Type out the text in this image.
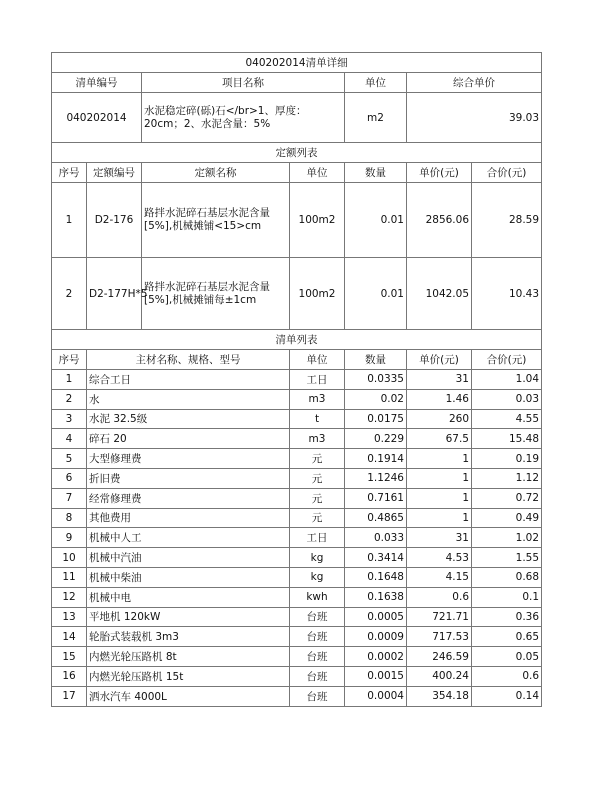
040202014清单详细						
清单编号		项目名称		单位	综合单价	
040202014		水泥稳定碎(砾)石</br>1、厚度：20cm；2、水泥含量：5%		m2	39.03	
定额列表						
序号	定额编号	定额名称	单位	数量	单价(元)	合价(元)
1	D2-176	路拌水泥碎石基层水泥含量[5%],机械摊铺<15>cm	100m2	0.01	2856.06	28.59
2	D2-177H*5	路拌水泥碎石基层水泥含量[5%],机械摊铺每±1cm	100m2	0.01	1042.05	10.43
清单列表						
序号	主材名称、规格、型号		单位	数量	单价(元)	合价(元)
1	综合工日		工日	0.0335	31	1.04
2	水		m3	0.02	1.46	0.03
3	水泥 32.5级		t	0.0175	260	4.55
4	碎石 20		m3	0.229	67.5	15.48
5	大型修理费		元	0.1914	1	0.19
6	折旧费		元	1.1246	1	1.12
7	经常修理费		元	0.7161	1	0.72
8	其他费用		元	0.4865	1	0.49
9	机械中人工		工日	0.033	31	1.02
10	机械中汽油		kg	0.3414	4.53	1.55
11	机械中柴油		kg	0.1648	4.15	0.68
12	机械中电		kwh	0.1638	0.6	0.1
13	平地机 120kW		台班	0.0005	721.71	0.36
14	轮胎式装载机 3m3		台班	0.0009	717.53	0.65
15	内燃光轮压路机 8t		台班	0.0002	246.59	0.05
16	内燃光轮压路机 15t		台班	0.0015	400.24	0.6
17	洒水汽车 4000L		台班	0.0004	354.18	0.14
